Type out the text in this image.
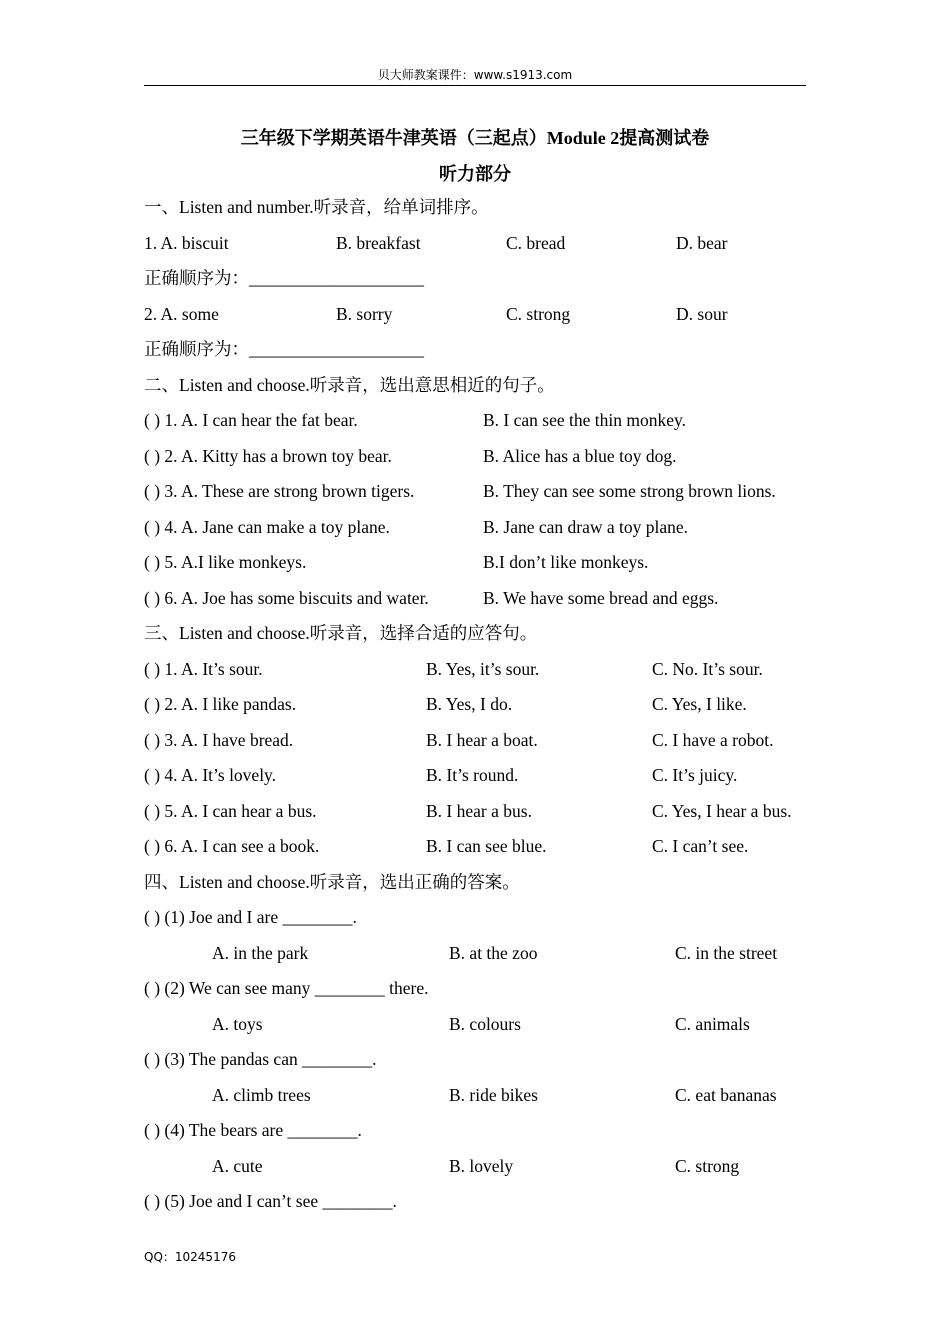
贝大师教案课件：www.s1913.com
三年级下学期英语牛津英语（三起点）Module 2提高测试卷
听力部分
一、Listen and number.听录音，给单词排序。
1. A. biscuit	B. breakfast	C. bread	D. bear
正确顺序为：____________________
2. A. some	B. sorry	C. strong	D. sour
正确顺序为：____________________
二、Listen and choose.听录音，选出意思相近的句子。
( ) 1. A. I can hear the fat bear.	B. I can see the thin monkey.
( ) 2. A. Kitty has a brown toy bear.	B. Alice has a blue toy dog.
( ) 3. A. These are strong brown tigers.	B. They can see some strong brown lions.
( ) 4. A. Jane can make a toy plane.	B. Jane can draw a toy plane.
( ) 5. A.I like monkeys.	B.I don’t like monkeys.
( ) 6. A. Joe has some biscuits and water.	B. We have some bread and eggs.
三、Listen and choose.听录音，选择合适的应答句。
( ) 1. A. It’s sour.	B. Yes, it’s sour.	C. No. It’s sour.
( ) 2. A. I like pandas.	B. Yes, I do.	C. Yes, I like.
( ) 3. A. I have bread.	B. I hear a boat.	C. I have a robot.
( ) 4. A. It’s lovely.	B. It’s round.	C. It’s juicy.
( ) 5. A. I can hear a bus.	B. I hear a bus.	C. Yes, I hear a bus.
( ) 6. A. I can see a book.	B. I can see blue.	C. I can’t see.
四、Listen and choose.听录音，选出正确的答案。
( ) (1) Joe and I are ________.
A. in the park	B. at the zoo	C. in the street
( ) (2) We can see many ________ there.
A. toys	B. colours	C. animals
( ) (3) The pandas can ________.
A. climb trees	B. ride bikes	C. eat bananas
( ) (4) The bears are ________.
A. cute	B. lovely	C. strong
( ) (5) Joe and I can’t see ________.
QQ：10245176
